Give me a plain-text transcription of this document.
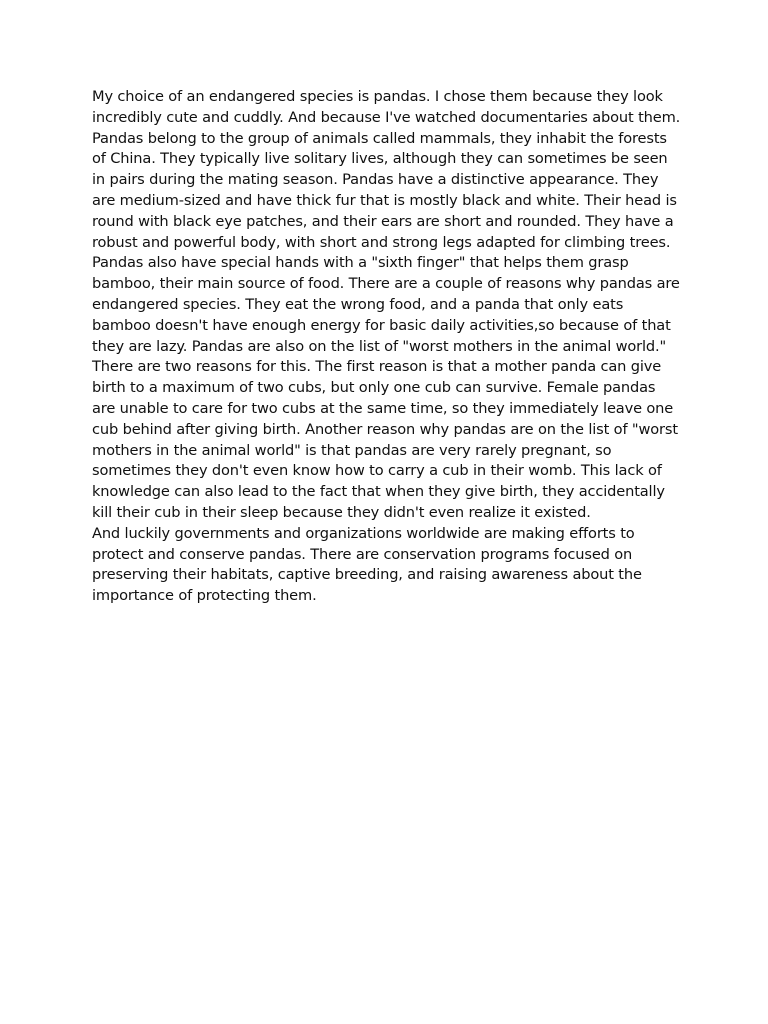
My choice of an endangered species is pandas. I chose them because they look incredibly cute and cuddly. And because I've watched documentaries about them.

Pandas belong to the group of animals called mammals, they inhabit the forests of China. They typically live solitary lives, although they can sometimes be seen in pairs during the mating season. Pandas have a distinctive appearance. They are medium-sized and have thick fur that is mostly black and white. Their head is round with black eye patches, and their ears are short and rounded. They have a robust and powerful body, with short and strong legs adapted for climbing trees. Pandas also have special hands with a "sixth finger" that helps them grasp bamboo, their main source of food. There are a couple of reasons why pandas are endangered species. They eat the wrong food, and a panda that only eats bamboo doesn't have enough energy for basic daily activities,so because of that they are lazy. Pandas are also on the list of "worst mothers in the animal world." There are two reasons for this. The first reason is that a mother panda can give birth to a maximum of two cubs, but only one cub can survive. Female pandas are unable to care for two cubs at the same time, so they immediately leave one cub behind after giving birth. Another reason why pandas are on the list of "worst mothers in the animal world" is that pandas are very rarely pregnant, so sometimes they don't even know how to carry a cub in their womb. This lack of knowledge can also lead to the fact that when they give birth, they accidentally kill their cub in their sleep because they didn't even realize it existed.

And luckily governments and organizations worldwide are making efforts to protect and conserve pandas. There are conservation programs focused on preserving their habitats, captive breeding, and raising awareness about the importance of protecting them.
